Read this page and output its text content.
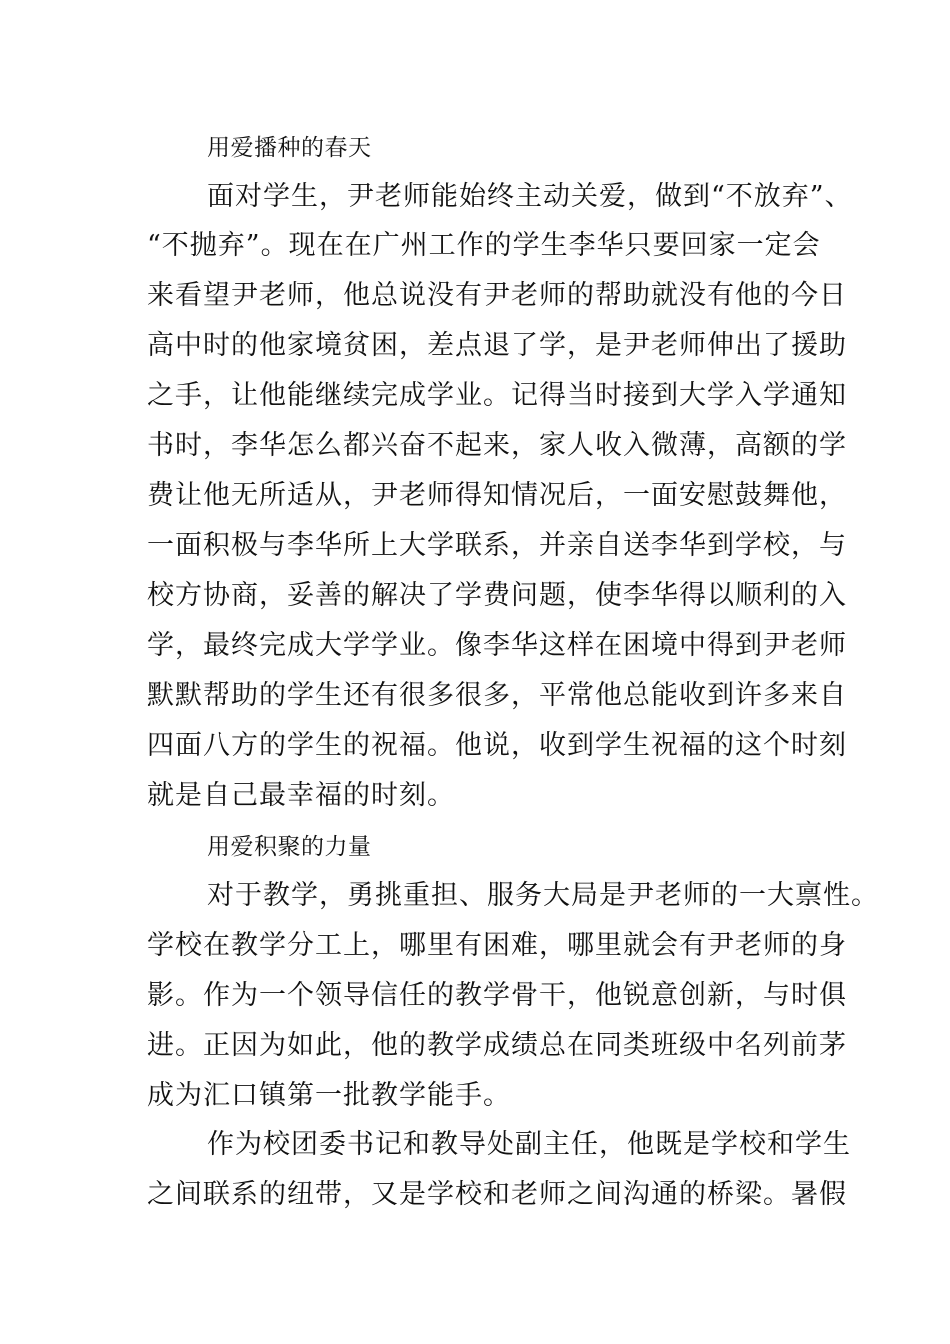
用爱播种的春天
面对学生，尹老师能始终主动关爱，做到“不放弃”、
“不抛弃”。现在在广州工作的学生李华只要回家一定会
来看望尹老师，他总说没有尹老师的帮助就没有他的今日
高中时的他家境贫困，差点退了学，是尹老师伸出了援助
之手，让他能继续完成学业。记得当时接到大学入学通知
书时，李华怎么都兴奋不起来，家人收入微薄，高额的学
费让他无所适从，尹老师得知情况后，一面安慰鼓舞他，
一面积极与李华所上大学联系，并亲自送李华到学校，与
校方协商，妥善的解决了学费问题，使李华得以顺利的入
学，最终完成大学学业。像李华这样在困境中得到尹老师
默默帮助的学生还有很多很多，平常他总能收到许多来自
四面八方的学生的祝福。他说，收到学生祝福的这个时刻
就是自己最幸福的时刻。
用爱积聚的力量
对于教学，勇挑重担、服务大局是尹老师的一大禀性。
学校在教学分工上，哪里有困难，哪里就会有尹老师的身
影。作为一个领导信任的教学骨干，他锐意创新，与时俱
进。正因为如此，他的教学成绩总在同类班级中名列前茅
成为汇口镇第一批教学能手。
作为校团委书记和教导处副主任，他既是学校和学生
之间联系的纽带，又是学校和老师之间沟通的桥梁。暑假
